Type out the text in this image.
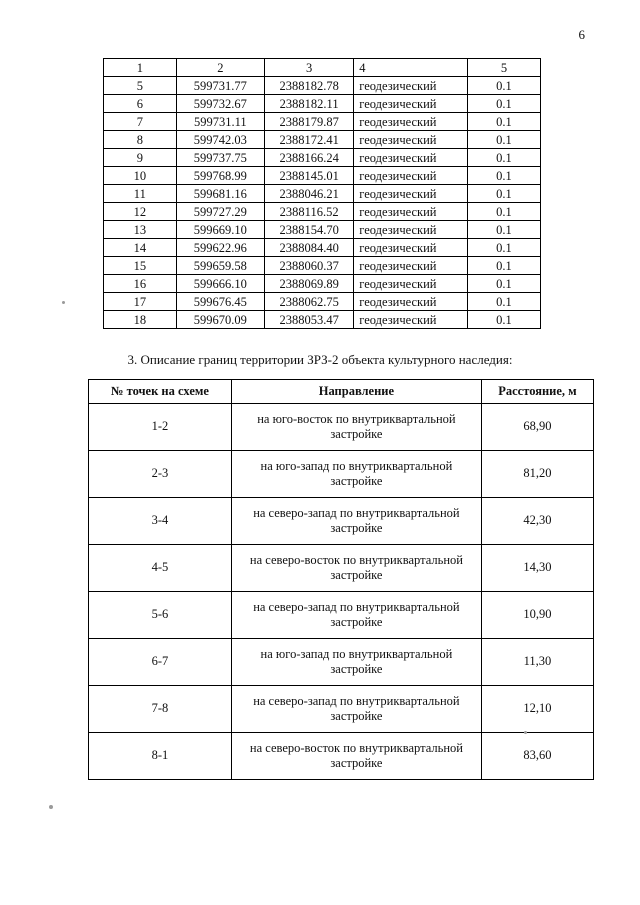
6
1	2	3	4	5
5	599731.77	2388182.78	геодезический	0.1
6	599732.67	2388182.11	геодезический	0.1
7	599731.11	2388179.87	геодезический	0.1
8	599742.03	2388172.41	геодезический	0.1
9	599737.75	2388166.24	геодезический	0.1
10	599768.99	2388145.01	геодезический	0.1
11	599681.16	2388046.21	геодезический	0.1
12	599727.29	2388116.52	геодезический	0.1
13	599669.10	2388154.70	геодезический	0.1
14	599622.96	2388084.40	геодезический	0.1
15	599659.58	2388060.37	геодезический	0.1
16	599666.10	2388069.89	геодезический	0.1
17	599676.45	2388062.75	геодезический	0.1
18	599670.09	2388053.47	геодезический	0.1
3. Описание границ территории ЗРЗ-2 объекта культурного наследия:
№ точек на схеме	Направление	Расстояние, м
1-2	на юго-восток по внутриквартальной застройке	68,90
2-3	на юго-запад по внутриквартальной застройке	81,20
3-4	на северо-запад по внутриквартальной застройке	42,30
4-5	на северо-восток по внутриквартальной застройке	14,30
5-6	на северо-запад по внутриквартальной застройке	10,90
6-7	на юго-запад по внутриквартальной застройке	11,30
7-8	на северо-запад по внутриквартальной застройке	12,10
8-1	на северо-восток по внутриквартальной застройке	83,60
